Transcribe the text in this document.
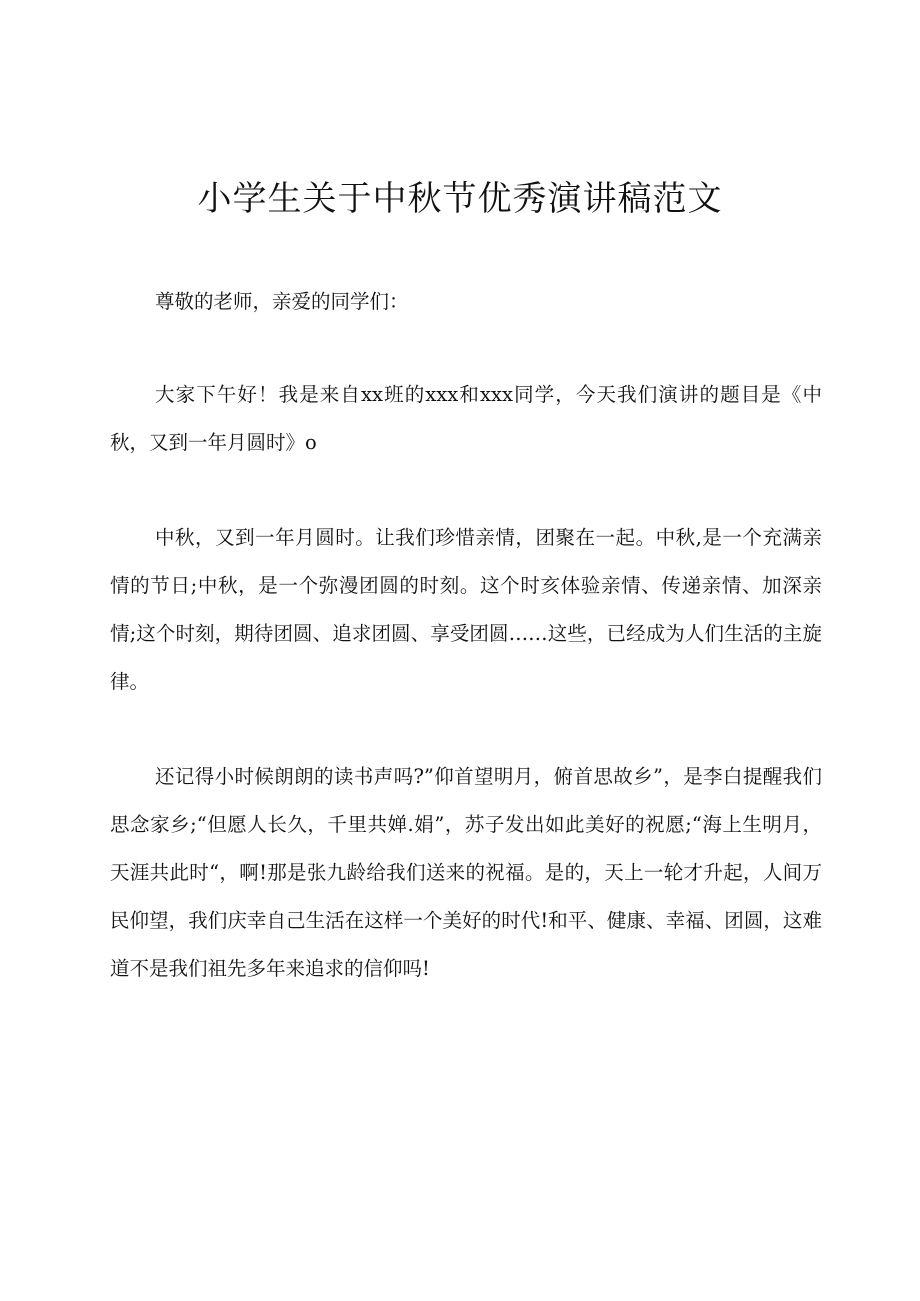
小学生关于中秋节优秀演讲稿范文

尊敬的老师，亲爱的同学们：

大家下午好！我是来自xx班的xxx和xxx同学，今天我们演讲的题目是《中秋，又到一年月圆时》o

中秋，又到一年月圆时。让我们珍惜亲情，团聚在一起。中秋,是一个充满亲情的节日;中秋，是一个弥漫团圆的时刻。这个时亥体验亲情、传递亲情、加深亲情;这个时刻，期待团圆、追求团圆、享受团圆……这些，已经成为人们生活的主旋律。

还记得小时候朗朗的读书声吗?”仰首望明月，俯首思故乡”，是李白提醒我们思念家乡;“但愿人长久，千里共婵.娟”，苏子发出如此美好的祝愿;“海上生明月，天涯共此时“，啊!那是张九龄给我们送来的祝福。是的，天上一轮才升起，人间万民仰望，我们庆幸自己生活在这样一个美好的时代!和平、健康、幸福、团圆，这难道不是我们祖先多年来追求的信仰吗!
